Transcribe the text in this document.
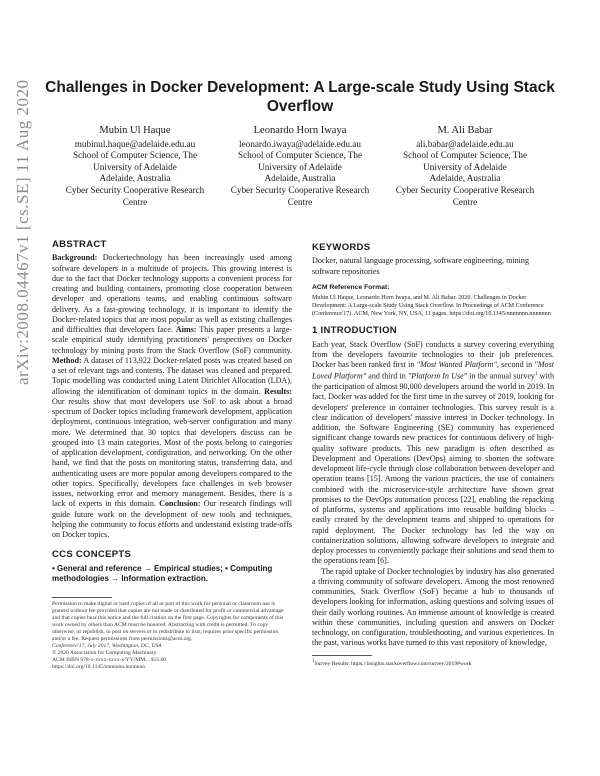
arXiv:2008.04467v1 [cs.SE] 11 Aug 2020 Challenges in Docker Development: A Large-scale Study Using Stack Overflow
Mubin Ul Haque
mubinul.haque@adelaide.edu.au
School of Computer Science, The
University of Adelaide
Adelaide, Australia
Cyber Security Cooperative Research
Centre
Leonardo Horn Iwaya
leonardo.iwaya@adelaide.edu.au
School of Computer Science, The
University of Adelaide
Adelaide, Australia
Cyber Security Cooperative Research
Centre
M. Ali Babar
ali.babar@adelaide.edu.au
School of Computer Science, The
University of Adelaide
Adelaide, Australia
Cyber Security Cooperative Research
Centre
ABSTRACT

Background: Dockertechnology has been increasingly used among software developers in a multitude of projects. This growing interest is due to the fact that Docker technology supports a convenient process for creating and building containers, promoting close cooperation between developer and operations teams, and enabling continuous software delivery. As a fast-growing technology, it is important to identify the Docker-related topics that are most popular as well as existing challenges and difficulties that developers face. Aims: This paper presents a large-scale empirical study identifying practitioners' perspectives on Docker technology by mining posts from the Stack Overflow (SoF) community. Method: A dataset of 113,922 Docker-related posts was created based on a set of relevant tags and contents. The dataset was cleaned and prepared. Topic modelling was conducted using Latent Dirichlet Allocation (LDA), allowing the identification of dominant topics in the domain. Results: Our results show that most developers use SoF to ask about a broad spectrum of Docker topics including framework development, application deployment, continuous integration, web-server configuration and many more. We determined that 30 topics that developers discuss can be grouped into 13 main categories. Most of the posts belong to categories of application development, configuration, and networking. On the other hand, we find that the posts on monitoring status, transferring data, and authenticating users are more popular among developers compared to the other topics. Specifically, developers face challenges in web browser issues, networking error and memory management. Besides, there is a lack of experts in this domain. Conclusion: Our research findings will guide future work on the development of new tools and techniques, helping the community to focus efforts and understand existing trade-offs on Docker topics.

CCS CONCEPTS
• General and reference → Empirical studies; • Computing methodologies → Information extraction.
Permission to make digital or hard copies of all or part of this work for personal or classroom use is granted without fee provided that copies are not made or distributed for profit or commercial advantage and that copies bear this notice and the full citation on the first page. Copyrights for components of this work owned by others than ACM must be honored. Abstracting with credit is permitted. To copy otherwise, or republish, to post on servers or to redistribute to lists, requires prior specific permission and/or a fee. Request permissions from permissions@acm.org.
Conference'17, July 2017, Washington, DC, USA
© 2020 Association for Computing Machinery.
ACM ISBN 978-x-xxxx-xxxx-x/YY/MM... $15.00
https://doi.org/10.1145/nnnnnnn.nnnnnnn
KEYWORDS

Docker, natural language processing, software engineering, mining software repositories

ACM Reference Format:
Mubin Ul Haque, Leonardo Horn Iwaya, and M. Ali Babar. 2020. Challenges in Docker Development: A Large-scale Study Using Stack Overflow. In Proceedings of ACM Conference (Conference'17). ACM, New York, NY, USA, 11 pages. https://doi.org/10.1145/nnnnnnn.nnnnnnn
1 INTRODUCTION

Each year, Stack Overflow (SoF) conducts a survey covering everything from the developers favourite technologies to their job preferences. Docker has been ranked first in "Most Wanted Platform", second in "Most Loved Platform" and third in "Platform In Use" in the annual survey$^1$ with the participation of almost 90,000 developers around the world in 2019. In fact, Docker was added for the first time in the survey of 2019, looking for developers' preference in container technologies. This survey result is a clear indication of developers' massive interest in Docker technology. In addition, the Software Engineering (SE) community has experienced significant change towards new practices for continuous delivery of high-quality software products. This new paradigm is often described as Development and Operations (DevOps) aiming to shorten the software development life-cycle through close collaboration between developer and operation teams [15]. Among the various practices, the use of containers combined with the microservice-style architecture have shown great promises to the DevOps automation process [22], enabling the repacking of platforms, systems and applications into reusable building blocks – easily created by the development teams and shipped to operations for rapid deployment. The Docker technology has led the way on containerization solutions, allowing software developers to integrate and deploy processes to conveniently package their solutions and send them to the operations team [6].

The rapid uptake of Docker technologies by industry has also generated a thriving community of software developers. Among the most renowned communities, Stack Overflow (SoF) became a hub to thousands of developers looking for information, asking questions and solving issues of their daily working routines. An immense amount of knowledge is created within these communities, including question and answers on Docker technology, on configuration, troubleshooting, and various experiences. In the past, various works have turned to this vast repository of knowledge,

$^1$Survey Results: https://insights.stackoverflow.com/survey/2019#work
